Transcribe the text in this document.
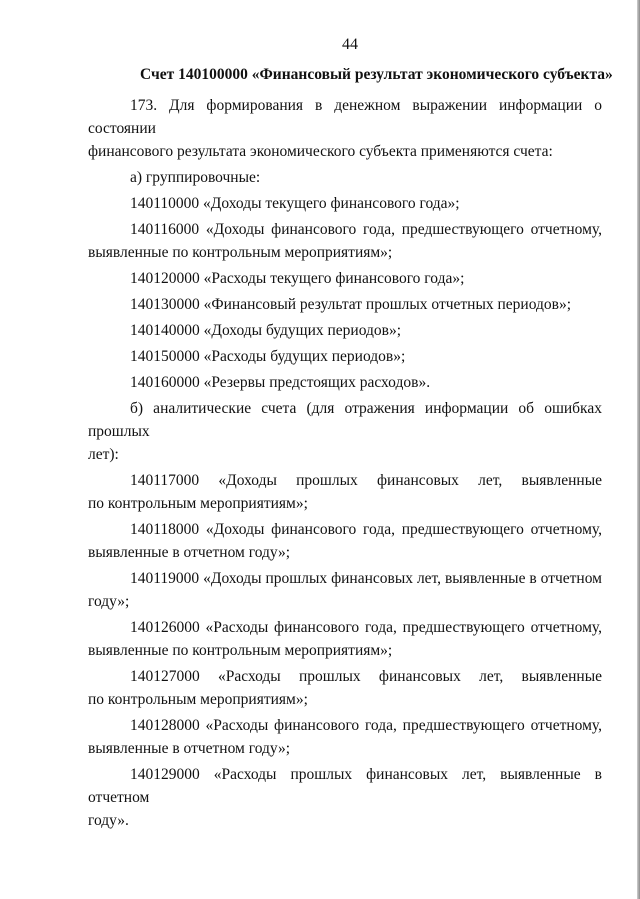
44
Счет 140100000 «Финансовый результат экономического субъекта»
173. Для формирования в денежном выражении информации о состоянии
финансового результата экономического субъекта применяются счета:
а) группировочные:
140110000 «Доходы текущего финансового года»;
140116000 «Доходы финансового года, предшествующего отчетному,
выявленные по контрольным мероприятиям»;
140120000 «Расходы текущего финансового года»;
140130000 «Финансовый результат прошлых отчетных периодов»;
140140000 «Доходы будущих периодов»;
140150000 «Расходы будущих периодов»;
140160000 «Резервы предстоящих расходов».
б) аналитические счета (для отражения информации об ошибках прошлых
лет):
140117000 «Доходы прошлых финансовых лет, выявленные
по контрольным мероприятиям»;
140118000 «Доходы финансового года, предшествующего отчетному,
выявленные в отчетном году»;
140119000 «Доходы прошлых финансовых лет, выявленные в отчетном
году»;
140126000 «Расходы финансового года, предшествующего отчетному,
выявленные по контрольным мероприятиям»;
140127000 «Расходы прошлых финансовых лет, выявленные
по контрольным мероприятиям»;
140128000 «Расходы финансового года, предшествующего отчетному,
выявленные в отчетном году»;
140129000 «Расходы прошлых финансовых лет, выявленные в отчетном
году».
